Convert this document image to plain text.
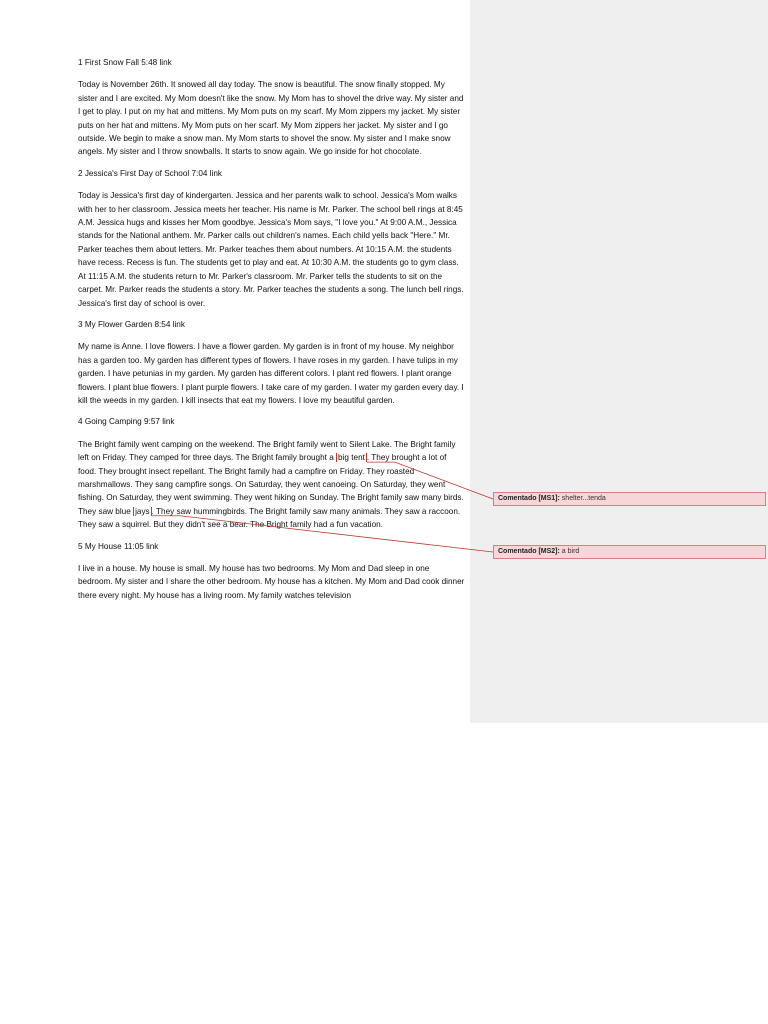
1 First Snow Fall 5:48 link

Today is November 26th. It snowed all day today. The snow is beautiful. The snow finally stopped. My sister and I are excited. My Mom doesn't like the snow. My Mom has to shovel the drive way. My sister and I get to play. I put on my hat and mittens. My Mom puts on my scarf. My Mom zippers my jacket. My sister puts on her hat and mittens. My Mom puts on her scarf. My Mom zippers her jacket. My sister and I go outside. We begin to make a snow man. My Mom starts to shovel the snow. My sister and I make snow angels. My sister and I throw snowballs. It starts to snow again. We go inside for hot chocolate.

2 Jessica's First Day of School 7:04 link

Today is Jessica's first day of kindergarten. Jessica and her parents walk to school. Jessica's Mom walks with her to her classroom. Jessica meets her teacher. His name is Mr. Parker. The school bell rings at 8:45 A.M. Jessica hugs and kisses her Mom goodbye. Jessica's Mom says, "I love you." At 9:00 A.M., Jessica stands for the National anthem. Mr. Parker calls out children's names. Each child yells back "Here." Mr. Parker teaches them about letters. Mr. Parker teaches them about numbers. At 10:15 A.M. the students have recess. Recess is fun. The students get to play and eat. At 10:30 A.M. the students go to gym class. At 11:15 A.M. the students return to Mr. Parker's classroom. Mr. Parker tells the students to sit on the carpet. Mr. Parker reads the students a story. Mr. Parker teaches the students a song. The lunch bell rings. Jessica's first day of school is over.

3 My Flower Garden 8:54 link

My name is Anne. I love flowers. I have a flower garden. My garden is in front of my house. My neighbor has a garden too. My garden has different types of flowers. I have roses in my garden. I have tulips in my garden. I have petunias in my garden. My garden has different colors. I plant red flowers. I plant orange flowers. I plant blue flowers. I plant purple flowers. I take care of my garden. I water my garden every day. I kill the weeds in my garden. I kill insects that eat my flowers. I love my beautiful garden.

4 Going Camping 9:57 link

The Bright family went camping on the weekend. The Bright family went to Silent Lake. The Bright family left on Friday. They camped for three days. The Bright family brought a big tent . They brought a lot of food. They brought insect repellant. The Bright family had a campfire on Friday. They roasted marshmallows. They sang campfire songs. On Saturday, they went canoeing. On Saturday, they went fishing. On Saturday, they went swimming. They went hiking on Sunday. The Bright family saw many birds. They saw blue jays . They saw hummingbirds. The Bright family saw many animals. They saw a raccoon. They saw a squirrel. But they didn't see a bear. The Bright family had a fun vacation.

5 My House 11:05 link

I live in a house. My house is small. My house has two bedrooms. My Mom and Dad sleep in one bedroom. My sister and I share the other bedroom. My house has a kitchen. My Mom and Dad cook dinner there every night. My house has a living room. My family watches television

Comentado [MS1]: shelter...tenda
Comentado [MS2]: a bird
